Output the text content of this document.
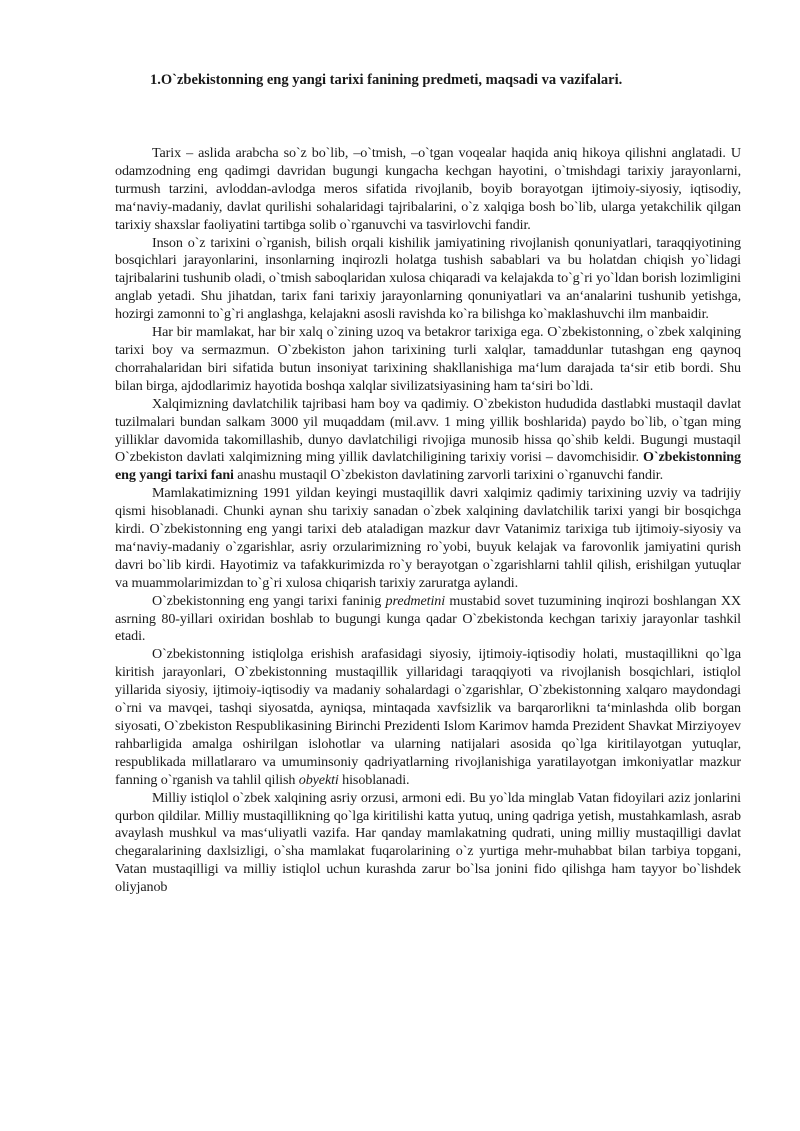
1.O`zbekistonning eng yangi tarixi fanining predmeti, maqsadi va vazifalari.

Tarix – aslida arabcha so`z bo`lib, –o`tmish, –o`tgan voqealar haqida aniq hikoya qilishni anglatadi. U odamzodning eng qadimgi davridan bugungi kungacha kechgan hayotini, o`tmishdagi tarixiy jarayonlarni, turmush tarzini, avloddan-avlodga meros sifatida rivojlanib, boyib borayotgan ijtimoiy-siyosiy, iqtisodiy, ma‘naviy-madaniy, davlat qurilishi sohalaridagi tajribalarini, o`z xalqiga bosh bo`lib, ularga yetakchilik qilgan tarixiy shaxslar faoliyatini tartibga solib o`rganuvchi va tasvirlovchi fandir.

Inson o`z tarixini o`rganish, bilish orqali kishilik jamiyatining rivojlanish qonuniyatlari, taraqqiyotining bosqichlari jarayonlarini, insonlarning inqirozli holatga tushish sabablari va bu holatdan chiqish yo`lidagi tajribalarini tushunib oladi, o`tmish saboqlaridan xulosa chiqaradi va kelajakda to`g`ri yo`ldan borish lozimligini anglab yetadi. Shu jihatdan, tarix fani tarixiy jarayonlarning qonuniyatlari va an‘analarini tushunib yetishga, hozirgi zamonni to`g`ri anglashga, kelajakni asosli ravishda ko`ra bilishga ko`maklashuvchi ilm manbaidir.

Har bir mamlakat, har bir xalq o`zining uzoq va betakror tarixiga ega. O`zbekistonning, o`zbek xalqining tarixi boy va sermazmun. O`zbekiston jahon tarixining turli xalqlar, tamaddunlar tutashgan eng qaynoq chorrahalaridan biri sifatida butun insoniyat tarixining shakllanishiga ma‘lum darajada ta‘sir etib bordi. Shu bilan birga, ajdodlarimiz hayotida boshqa xalqlar sivilizatsiyasining ham ta‘siri bo`ldi.

Xalqimizning davlatchilik tajribasi ham boy va qadimiy. O`zbekiston hududida dastlabki mustaqil davlat tuzilmalari bundan salkam 3000 yil muqaddam (mil.avv. 1 ming yillik boshlarida) paydo bo`lib, o`tgan ming yilliklar davomida takomillashib, dunyo davlatchiligi rivojiga munosib hissa qo`shib keldi. Bugungi mustaqil O`zbekiston davlati xalqimizning ming yillik davlatchiligining tarixiy vorisi – davomchisidir. O`zbekistonning eng yangi tarixi fani anashu mustaqil O`zbekiston davlatining zarvorli tarixini o`rganuvchi fandir.

Mamlakatimizning 1991 yildan keyingi mustaqillik davri xalqimiz qadimiy tarixining uzviy va tadrijiy qismi hisoblanadi. Chunki aynan shu tarixiy sanadan o`zbek xalqining davlatchilik tarixi yangi bir bosqichga kirdi. O`zbekistonning eng yangi tarixi deb ataladigan mazkur davr Vatanimiz tarixiga tub ijtimoiy-siyosiy va ma‘naviy-madaniy o`zgarishlar, asriy orzularimizning ro`yobi, buyuk kelajak va farovonlik jamiyatini qurish davri bo`lib kirdi. Hayotimiz va tafakkurimizda ro`y berayotgan o`zgarishlarni tahlil qilish, erishilgan yutuqlar va muammolarimizdan to`g`ri xulosa chiqarish tarixiy zaruratga aylandi.

O`zbekistonning eng yangi tarixi faninig predmetini mustabid sovet tuzumining inqirozi boshlangan XX asrning 80-yillari oxiridan boshlab to bugungi kunga qadar O`zbekistonda kechgan tarixiy jarayonlar tashkil etadi.

O`zbekistonning istiqlolga erishish arafasidagi siyosiy, ijtimoiy-iqtisodiy holati, mustaqillikni qo`lga kiritish jarayonlari, O`zbekistonning mustaqillik yillaridagi taraqqiyoti va rivojlanish bosqichlari, istiqlol yillarida siyosiy, ijtimoiy-iqtisodiy va madaniy sohalardagi o`zgarishlar, O`zbekistonning xalqaro maydondagi o`rni va mavqei, tashqi siyosatda, ayniqsa, mintaqada xavfsizlik va barqarorlikni ta‘minlashda olib borgan siyosati, O`zbekiston Respublikasining Birinchi Prezidenti Islom Karimov hamda Prezident Shavkat Mirziyoyev rahbarligida amalga oshirilgan islohotlar va ularning natijalari asosida qo`lga kiritilayotgan yutuqlar, respublikada millatlararo va umuminsoniy qadriyatlarning rivojlanishiga yaratilayotgan imkoniyatlar mazkur fanning o`rganish va tahlil qilish obyekti hisoblanadi.

Milliy istiqlol o`zbek xalqining asriy orzusi, armoni edi. Bu yo`lda minglab Vatan fidoyilari aziz jonlarini qurbon qildilar. Milliy mustaqillikning qo`lga kiritilishi katta yutuq, uning qadriga yetish, mustahkamlash, asrab avaylash mushkul va mas‘uliyatli vazifa. Har qanday mamlakatning qudrati, uning milliy mustaqilligi davlat chegaralarining daxlsizligi, o`sha mamlakat fuqarolarining o`z yurtiga mehr-muhabbat bilan tarbiya topgani, Vatan mustaqilligi va milliy istiqlol uchun kurashda zarur bo`lsa jonini fido qilishga ham tayyor bo`lishdek oliyjanob
